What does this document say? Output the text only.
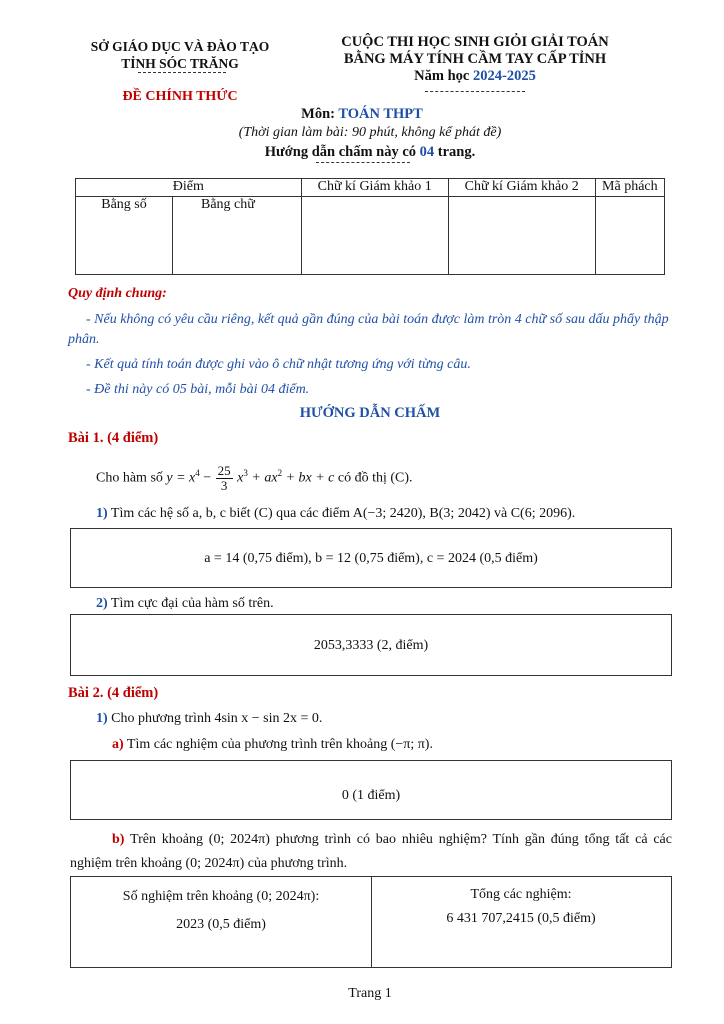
SỞ GIÁO DỤC VÀ ĐÀO TẠO
TỈNH SÓC TRĂNG
ĐỀ CHÍNH THỨC
CUỘC THI HỌC SINH GIỎI GIẢI TOÁN
BẰNG MÁY TÍNH CẦM TAY CẤP TỈNH
Năm học 2024-2025
Môn: TOÁN THPT
(Thời gian làm bài: 90 phút, không kể phát đề)
Hướng dẫn chấm này có 04 trang.
Điểm		Chữ kí Giám khảo 1	Chữ kí Giám khảo 2	Mã phách
Bằng số	Bằng chữ			
Quy định chung:

- Nếu không có yêu cầu riêng, kết quả gần đúng của bài toán được làm tròn 4 chữ số sau dấu phẩy thập phân.

- Kết quả tính toán được ghi vào ô chữ nhật tương ứng với từng câu.

- Đề thi này có 05 bài, mỗi bài 04 điểm.

HƯỚNG DẪN CHẤM
Bài 1. (4 điểm)
Cho hàm số $y = x^4 - \frac{25}{3} x^3 + ax^2$ + bx + c có đồ thị (C).
1) Tìm các hệ số a, b, c biết (C) qua các điểm A(−3; 2420), B(3; 2042) và C(6; 2096).
a = 14 (0,75 điểm), b = 12 (0,75 điểm), c = 2024 (0,5 điểm)
2) Tìm cực đại của hàm số trên.
2053,3333 (2, điểm)
Bài 2. (4 điểm)
1) Cho phương trình 4sin x − sin 2x = 0.
a) Tìm các nghiệm của phương trình trên khoảng (−π; π).
0 (1 điểm)
b) Trên khoảng (0; 2024π) phương trình có bao nhiêu nghiệm? Tính gần đúng tổng tất cả các nghiệm trên khoảng (0; 2024π) của phương trình.
Số nghiệm trên khoảng (0; 2024π):
2023 (0,5 điểm)
Tổng các nghiệm:
6 431 707,2415 (0,5 điểm)
Trang 1
